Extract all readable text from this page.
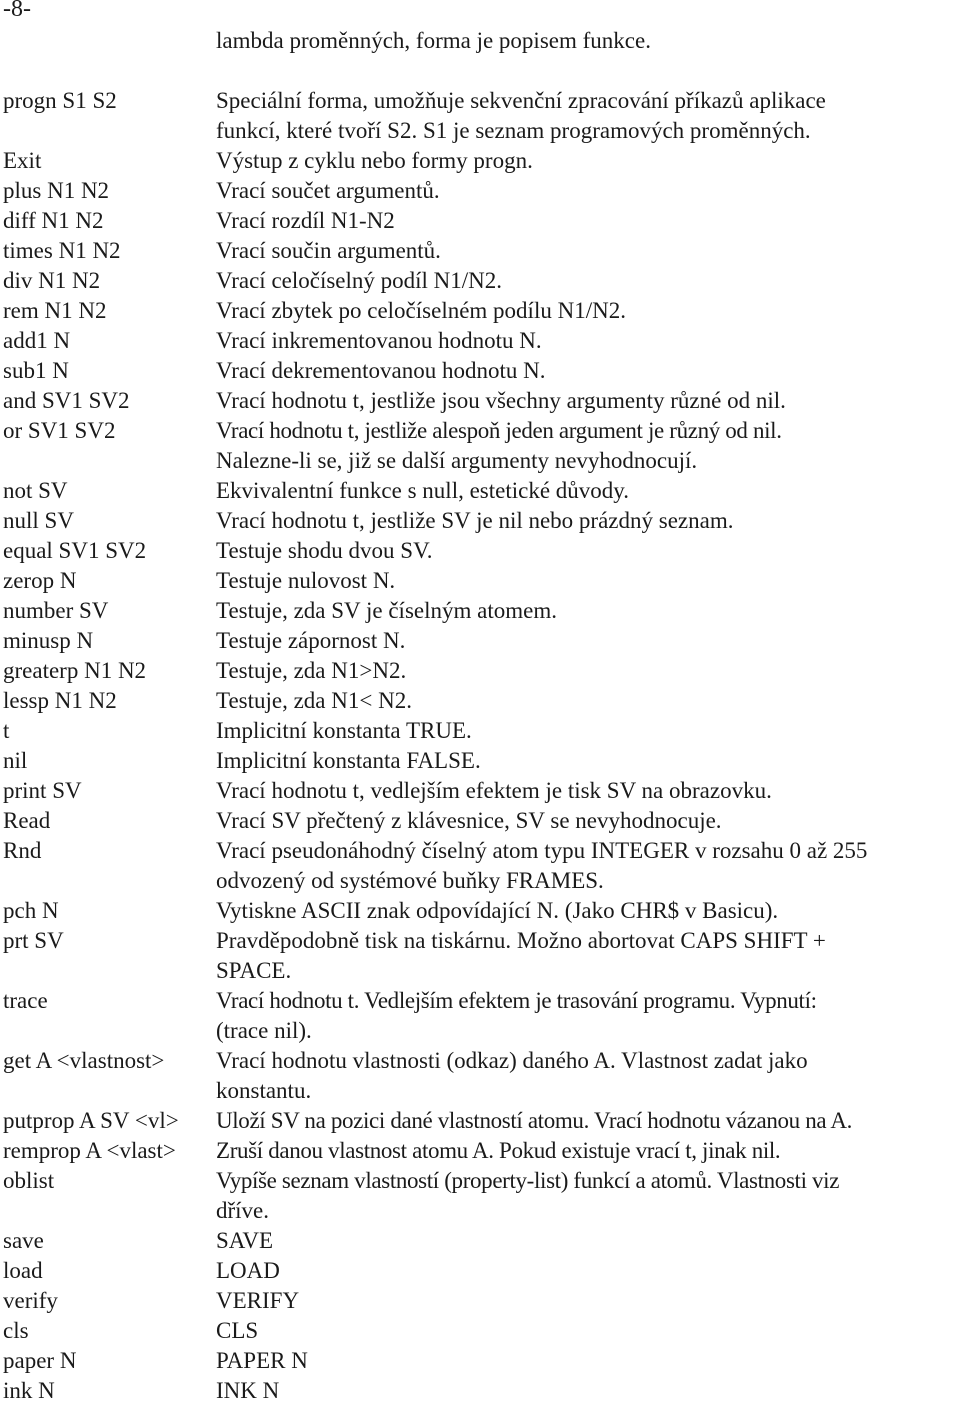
-8-
lambda proměnných, forma je popisem funkce.
progn S1 S2	Speciální forma, umožňuje sekvenční zpracování příkazů aplikace
funkcí, které tvoří S2. S1 je seznam programových proměnných.
Exit	Výstup z cyklu nebo formy progn.
plus N1 N2	Vrací součet argumentů.
diff N1 N2	Vrací rozdíl N1-N2
times N1 N2	Vrací součin argumentů.
div N1 N2	Vrací celočíselný podíl N1/N2.
rem N1 N2	Vrací zbytek po celočíselném podílu N1/N2.
add1 N	Vrací inkrementovanou hodnotu N.
sub1 N	Vrací dekrementovanou hodnotu N.
and SV1 SV2	Vrací hodnotu t, jestliže jsou všechny argumenty různé od nil.
or SV1 SV2	Vrací hodnotu t, jestliže alespoň jeden argument je různý od nil.
Nalezne-li se, již se další argumenty nevyhodnocují.
not SV	Ekvivalentní funkce s null, estetické důvody.
null SV	Vrací hodnotu t, jestliže SV je nil nebo prázdný seznam.
equal SV1 SV2	Testuje shodu dvou SV.
zerop N	Testuje nulovost N.
number SV	Testuje, zda SV je číselným atomem.
minusp N	Testuje zápornost N.
greaterp N1 N2	Testuje, zda N1>N2.
lessp N1 N2	Testuje, zda N1< N2.
t	Implicitní konstanta TRUE.
nil	Implicitní konstanta FALSE.
print SV	Vrací hodnotu t, vedlejším efektem je tisk SV na obrazovku.
Read	Vrací SV přečtený z klávesnice, SV se nevyhodnocuje.
Rnd	Vrací pseudonáhodný číselný atom typu INTEGER v rozsahu 0 až 255
odvozený od systémové buňky FRAMES.
pch N	Vytiskne ASCII znak odpovídající N. (Jako CHR$ v Basicu).
prt SV	Pravděpodobně tisk na tiskárnu. Možno abortovat CAPS SHIFT +
SPACE.
trace	Vrací hodnotu t. Vedlejším efektem je trasování programu. Vypnutí:
(trace nil).
get A <vlastnost>	Vrací hodnotu vlastnosti (odkaz) daného A. Vlastnost zadat jako
konstantu.
putprop A SV <vl>	Uloží SV na pozici dané vlastností atomu. Vrací hodnotu vázanou na A.
remprop A <vlast>	Zruší danou vlastnost atomu A. Pokud existuje vrací t, jinak nil.
oblist	Vypíše seznam vlastností (property-list) funkcí a atomů. Vlastnosti viz
dříve.
save	SAVE
load	LOAD
verify	VERIFY
cls	CLS
paper N	PAPER N
ink N	INK N
